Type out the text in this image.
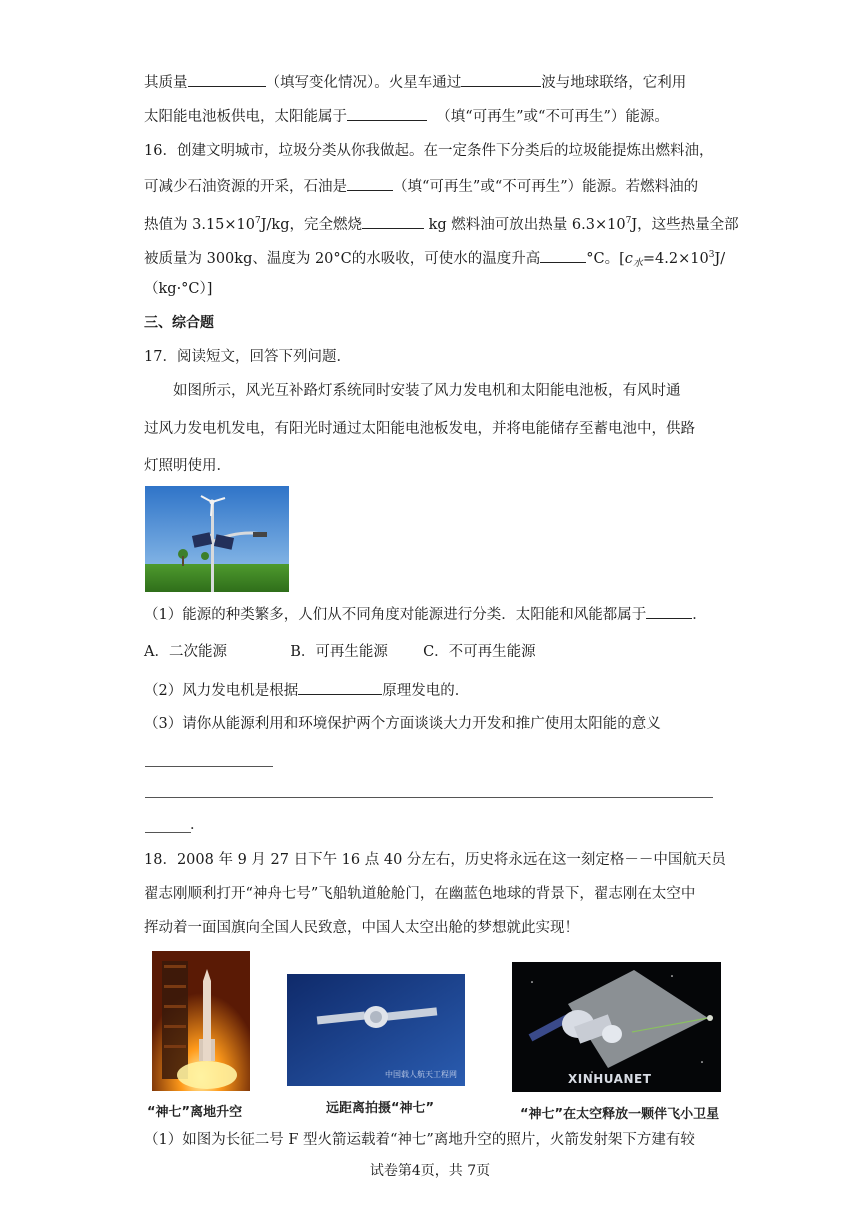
其质量	（填写变化情况）。火星车通过	波与地球联络，它利用
太阳能电池板供电，太阳能属于	（填“可再生”或“不可再生”）能源。
16．创建文明城市，垃圾分类从你我做起。在一定条件下分类后的垃圾能提炼出燃料油，
可减少石油资源的开采，石油是	（填“可再生”或“不可再生”）能源。若燃料油的
热值为 $3.15\times 10^7J/kg$，完全燃烧	kg 燃料油可放出热量 $6.3\times 10^7J$，这些热量全部
被质量为 300kg、温度为 20°C的水吸收，可使水的温度升高	°C。[$c_水=4.2\times 10^3J/$
（kg·°C）]
三、综合题
17．阅读短文，回答下列问题．
如图所示，风光互补路灯系统同时安装了风力发电机和太阳能电池板，有风时通
过风力发电机发电，有阳光时通过太阳能电池板发电，并将电能储存至蓄电池中，供路
灯照明使用．
（1）能源的种类繁多，人们从不同角度对能源进行分类．太阳能和风能都属于	．
A．二次能源	B．可再生能源 C．不可再生能源
（2）风力发电机是根据	原理发电的．
（3）请你从能源利用和环境保护两个方面谈谈大力开发和推广使用太阳能的意义
．
18．2008 年 9 月 27 日下午 16 点 40 分左右，历史将永远在这一刻定格－－中国航天员
翟志刚顺利打开“神舟七号”飞船轨道舱舱门，在幽蓝色地球的背景下，翟志刚在太空中
挥动着一面国旗向全国人民致意，中国人太空出舱的梦想就此实现！
中国载人航天工程网	XINHUANET
“神七”离地升空	远距离拍摄“神七”	“神七”在太空释放一颗伴飞小卫星
（1）如图为长征二号 F 型火箭运载着“神七”离地升空的照片，火箭发射架下方建有较
试卷第4页，共 7页
